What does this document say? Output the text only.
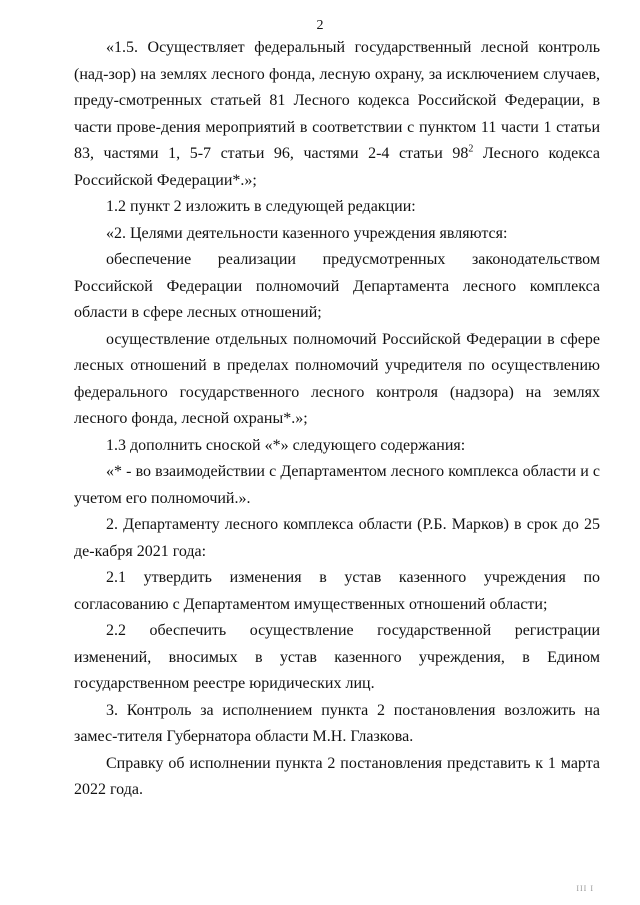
2

«1.5. Осуществляет федеральный государственный лесной контроль (над-зор) на землях лесного фонда, лесную охрану, за исключением случаев, преду-смотренных статьей 81 Лесного кодекса Российской Федерации, в части прове-дения мероприятий в соответствии с пунктом 11 части 1 статьи 83, частями 1, 5-7 статьи 96, частями 2-4 статьи $98^2$ Лесного кодекса Российской Федерации*.»;

1.2 пункт 2 изложить в следующей редакции:

«2. Целями деятельности казенного учреждения являются:

обеспечение реализации предусмотренных законодательством Российской Федерации полномочий Департамента лесного комплекса области в сфере лесных отношений;

осуществление отдельных полномочий Российской Федерации в сфере лесных отношений в пределах полномочий учредителя по осуществлению федерального государственного лесного контроля (надзора) на землях лесного фонда, лесной охраны*.»;

1.3 дополнить сноской «*» следующего содержания:

«* - во взаимодействии с Департаментом лесного комплекса области и с учетом его полномочий.».

2. Департаменту лесного комплекса области (Р.Б. Марков) в срок до 25 де-кабря 2021 года:

2.1 утвердить изменения в устав казенного учреждения по согласованию с Департаментом имущественных отношений области;

2.2 обеспечить осуществление государственной регистрации изменений, вносимых в устав казенного учреждения, в Едином государственном реестре юридических лиц.

3. Контроль за исполнением пункта 2 постановления возложить на замес-тителя Губернатора области М.Н. Глазкова.

Справку об исполнении пункта 2 постановления представить к 1 марта 2022 года.

ІІІ І
